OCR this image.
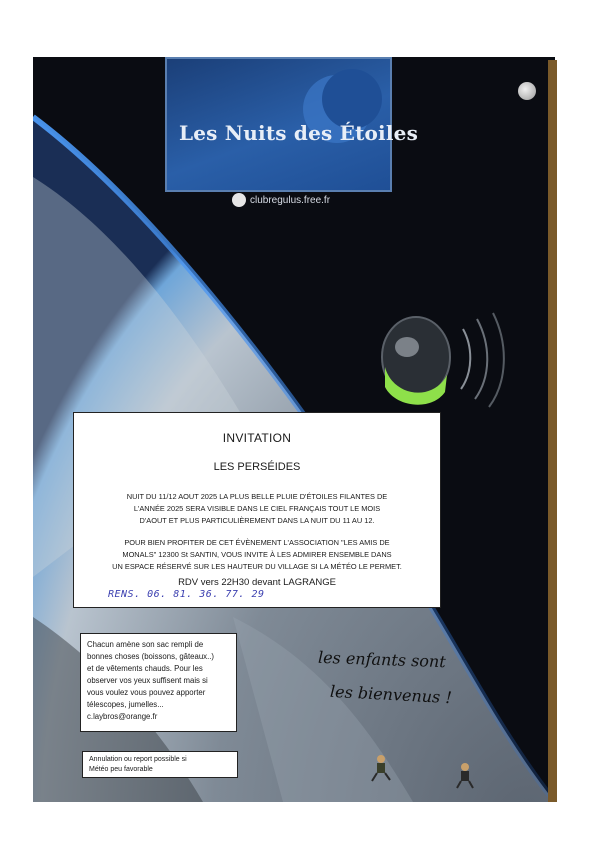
Les Nuits des Étoiles
clubregulus.free.fr
INVITATION
LES PERSÉIDES
NUIT DU 11/12 AOUT 2025 LA PLUS BELLE PLUIE D'ÉTOILES FILANTES DE
L'ANNÉE 2025 SERA VISIBLE DANS LE CIEL FRANÇAIS TOUT LE MOIS
D'AOUT ET PLUS PARTICULIÈREMENT DANS LA NUIT DU 11 AU 12.
POUR BIEN PROFITER DE CET ÉVÈNEMENT L'ASSOCIATION "LES AMIS DE
MONALS" 12300 St SANTIN, VOUS INVITE À LES ADMIRER ENSEMBLE DANS
UN ESPACE RÉSERVÉ SUR LES HAUTEUR DU VILLAGE SI LA MÉTÉO LE PERMET.
RDV vers 22H30 devant LAGRANGE
RENS. 06. 81. 36. 77. 29
Chacun amène son sac rempli de
bonnes choses (boissons, gâteaux..)
et de vêtements chauds. Pour les
observer vos yeux suffisent mais si
vous voulez vous pouvez apporter
télescopes, jumelles...
c.laybros@orange.fr
Annulation ou report possible si
Météo peu favorable
les enfants sont
les bienvenus !
